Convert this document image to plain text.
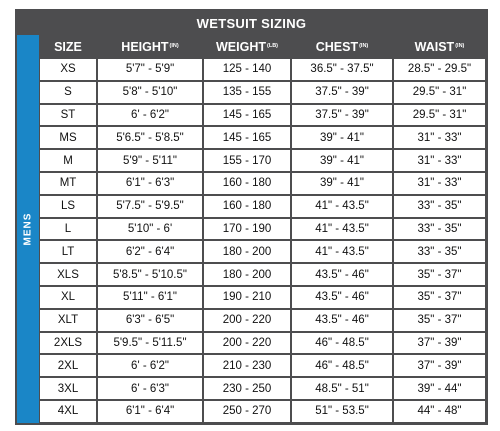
WETSUIT SIZING
MENS
SIZE	$HEIGHT^{(IN)}$	$WEIGHT^{(LB)}$	$CHEST^{(IN)}$	$WAIST^{(IN)}$
XS	5'7" - 5'9"	125 - 140	36.5" - 37.5"	28.5" - 29.5"
S	5'8" - 5'10"	135 - 155	37.5" - 39"	29.5" - 31"
ST	6' - 6'2"	145 - 165	37.5" - 39"	29.5" - 31"
MS	5'6.5" - 5'8.5"	145 - 165	39" - 41"	31" - 33"
M	5'9" - 5'11"	155 - 170	39" - 41"	31" - 33"
MT	6'1" - 6'3"	160 - 180	39" - 41"	31" - 33"
LS	5'7.5" - 5'9.5"	160 - 180	41" - 43.5"	33" - 35"
L	5'10" - 6'	170 - 190	41" - 43.5"	33" - 35"
LT	6'2" - 6'4"	180 - 200	41" - 43.5"	33" - 35"
XLS	5'8.5" - 5'10.5"	180 - 200	43.5" - 46"	35" - 37"
XL	5'11" - 6'1"	190 - 210	43.5" - 46"	35" - 37"
XLT	6'3" - 6'5"	200 - 220	43.5" - 46"	35" - 37"
2XLS	5'9.5" - 5'11.5"	200 - 220	46" - 48.5"	37" - 39"
2XL	6' - 6'2"	210 - 230	46" - 48.5"	37" - 39"
3XL	6' - 6'3"	230 - 250	48.5" - 51"	39" - 44"
4XL	6'1" - 6'4"	250 - 270	51" - 53.5"	44" - 48"
